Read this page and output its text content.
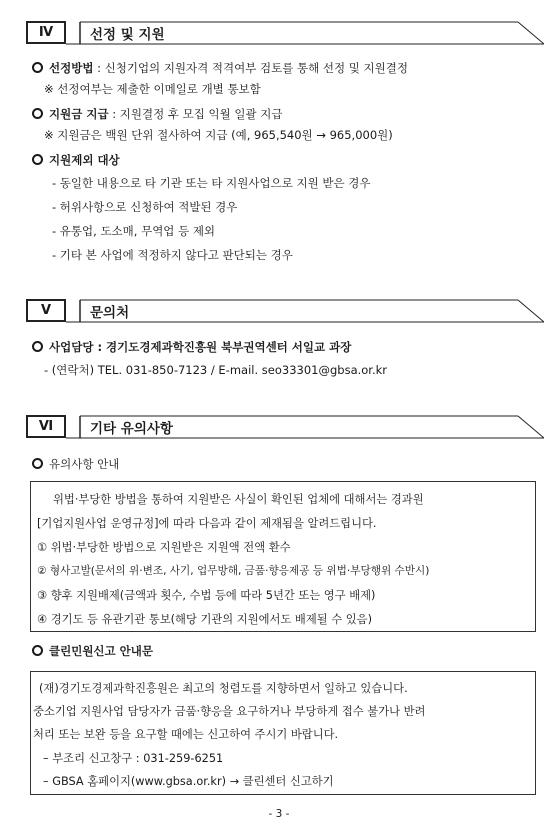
Ⅳ	선정 및 지원
선정방법 : 신청기업의 지원자격 적격여부 검토를 통해 선정 및 지원결정
※ 선정여부는 제출한 이메일로 개별 통보함
지원금 지급 : 지원결정 후 모집 익월 일괄 지급
※ 지원금은 백원 단위 절사하여 지급 (예, 965,540원 → 965,000원)
지원제외 대상
- 동일한 내용으로 타 기관 또는 타 지원사업으로 지원 받은 경우
- 허위사항으로 신청하여 적발된 경우
- 유통업, 도소매, 무역업 등 제외
- 기타 본 사업에 적정하지 않다고 판단되는 경우
Ⅴ	문의처
사업담당 : 경기도경제과학진흥원 북부권역센터 서일교 과장
- (연락처) TEL. 031-850-7123 / E-mail. seo33301@gbsa.or.kr
Ⅵ	기타 유의사항
유의사항 안내
위법·부당한 방법을 통하여 지원받은 사실이 확인된 업체에 대해서는 경과원
[기업지원사업 운영규정]에 따라 다음과 같이 제재됨을 알려드립니다.
① 위법·부당한 방법으로 지원받은 지원액 전액 환수
② 형사고발(문서의 위·변조, 사기, 업무방해, 금품·향응제공 등 위법·부당행위 수반시)
③ 향후 지원배제(금액과 횟수, 수법 등에 따라 5년간 또는 영구 배제)
④ 경기도 등 유관기관 통보(해당 기관의 지원에서도 배제될 수 있음)
클린민원신고 안내문
(재)경기도경제과학진흥원은 최고의 청렴도를 지향하면서 일하고 있습니다.
중소기업 지원사업 담당자가 금품·향응을 요구하거나 부당하게 접수 불가나 반려
처리 또는 보완 등을 요구할 때에는 신고하여 주시기 바랍니다.
– 부조리 신고창구 : 031-259-6251
– GBSA 홈페이지(www.gbsa.or.kr) → 클린센터 신고하기
- 3 -
